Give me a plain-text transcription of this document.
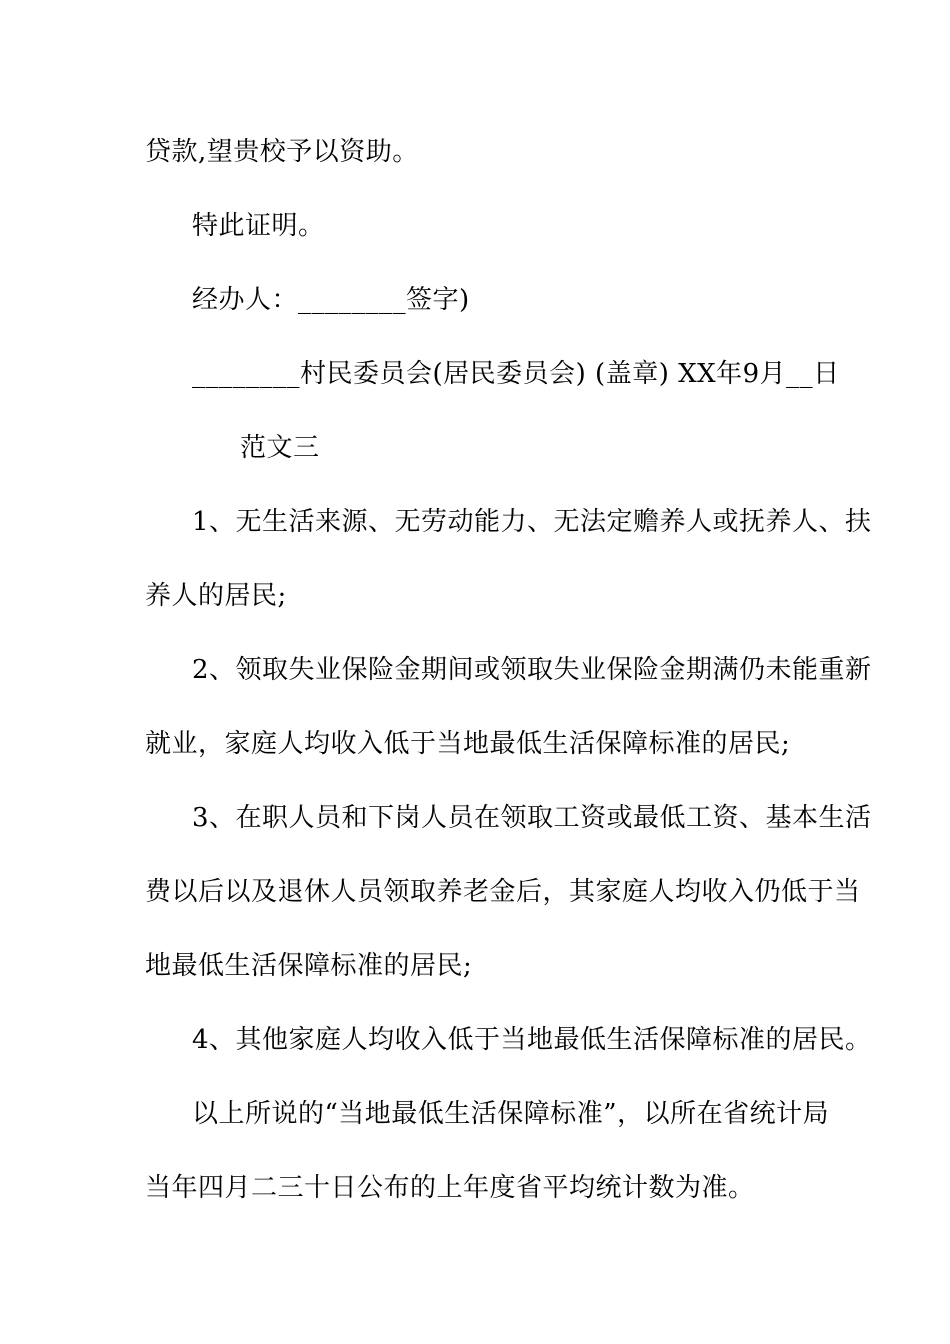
贷款,望贵校予以资助。
特此证明。
经办人：________签字)
________村民委员会(居民委员会) (盖章) XX年9月__日
范文三
1、无生活来源、无劳动能力、无法定赡养人或抚养人、扶
养人的居民;
2、领取失业保险金期间或领取失业保险金期满仍未能重新
就业，家庭人均收入低于当地最低生活保障标准的居民;
3、在职人员和下岗人员在领取工资或最低工资、基本生活
费以后以及退休人员领取养老金后，其家庭人均收入仍低于当
地最低生活保障标准的居民;
4、其他家庭人均收入低于当地最低生活保障标准的居民。
以上所说的“当地最低生活保障标准”，以所在省统计局
当年四月二三十日公布的上年度省平均统计数为准。
